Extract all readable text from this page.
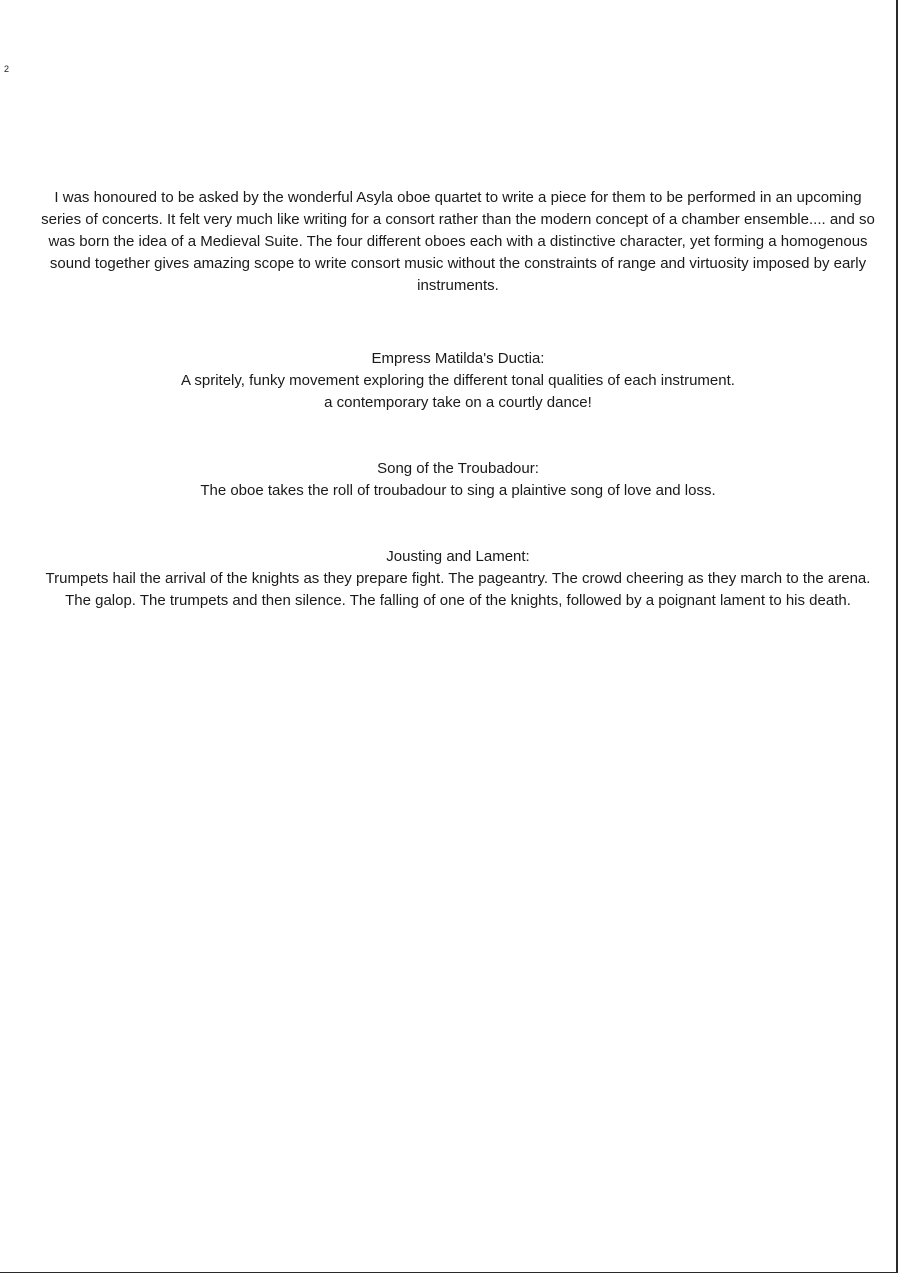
2

I was honoured to be asked by the wonderful Asyla oboe quartet to write a piece for them to be performed in an upcoming series of concerts. It felt very much like writing for a consort rather than the modern concept of a chamber ensemble.... and so was born the idea of a Medieval Suite. The four different oboes each with a distinctive character, yet forming a homogenous sound together gives amazing scope to write consort music without the constraints of range and virtuosity imposed by early instruments.

Empress Matilda's Ductia:

A spritely, funky movement exploring the different tonal qualities of each instrument.

a contemporary take on a courtly dance!

Song of the Troubadour:

The oboe takes the roll of troubadour to sing a plaintive song of love and loss.

Jousting and Lament:

Trumpets hail the arrival of the knights as they prepare fight. The pageantry. The crowd cheering as they march to the arena. The galop. The trumpets and then silence. The falling of one of the knights, followed by a poignant lament to his death.
